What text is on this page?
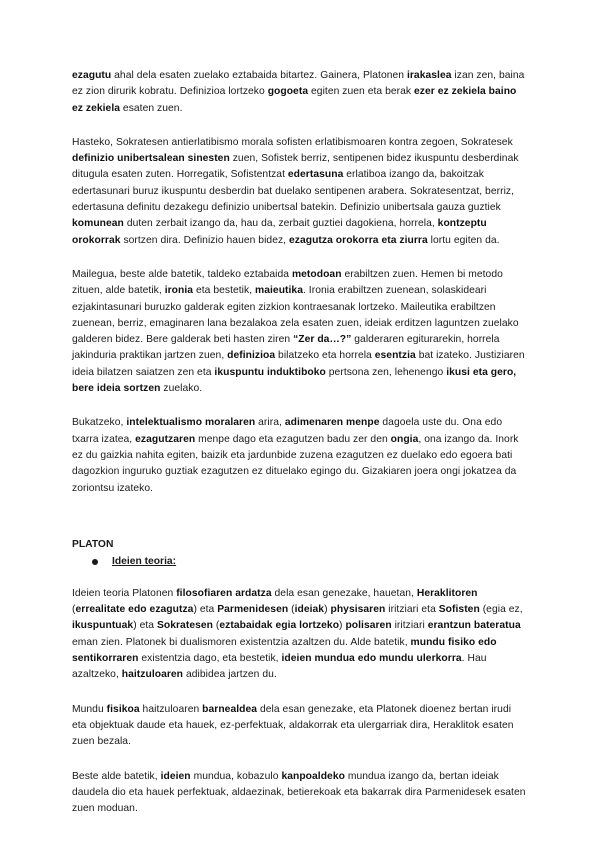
ezagutu ahal dela esaten zuelako eztabaida bitartez. Gainera, Platonen irakaslea izan zen, baina ez zion dirurik kobratu. Definizioa lortzeko gogoeta egiten zuen eta berak ezer ez zekiela baino ez zekiela esaten zuen.

Hasteko, Sokratesen antierlatibismo morala sofisten erlatibismoaren kontra zegoen, Sokratesek definizio unibertsalean sinesten zuen, Sofistek berriz, sentipenen bidez ikuspuntu desberdinak ditugula esaten zuten. Horregatik, Sofistentzat edertasuna erlatiboa izango da, bakoitzak edertasunari buruz ikuspuntu desberdin bat duelako sentipenen arabera. Sokratesentzat, berriz, edertasuna definitu dezakegu definizio unibertsal batekin. Definizio unibertsala gauza guztiek komunean duten zerbait izango da, hau da, zerbait guztiei dagokiena, horrela, kontzeptu orokorrak sortzen dira. Definizio hauen bidez, ezagutza orokorra eta ziurra lortu egiten da.

Mailegua, beste alde batetik, taldeko eztabaida metodoan erabiltzen zuen. Hemen bi metodo zituen, alde batetik, ironia eta bestetik, maieutika. Ironia erabiltzen zuenean, solaskideari ezjakintasunari buruzko galderak egiten zizkion kontraesanak lortzeko. Maileutika erabiltzen zuenean, berriz, emaginaren lana bezalakoa zela esaten zuen, ideiak erditzen laguntzen zuelako galderen bidez. Bere galderak beti hasten ziren “Zer da…?” galderaren egiturarekin, horrela jakinduria praktikan jartzen zuen, definizioa bilatzeko eta horrela esentzia bat izateko. Justiziaren ideia bilatzen saiatzen zen eta ikuspuntu induktiboko pertsona zen, lehenengo ikusi eta gero, bere ideia sortzen zuelako.

Bukatzeko, intelektualismo moralaren arira, adimenaren menpe dagoela uste du. Ona edo txarra izatea, ezagutzaren menpe dago eta ezagutzen badu zer den ongia, ona izango da. Inork ez du gaizkia nahita egiten, baizik eta jardunbide zuzena ezagutzen ez duelako edo egoera bati dagozkion inguruko guztiak ezagutzen ez dituelako egingo du. Gizakiaren joera ongi jokatzea da zoriontsu izateko.

PLATON
Ideien teoria:

Ideien teoria Platonen filosofiaren ardatza dela esan genezake, hauetan, Heraklitoren (errealitate edo ezagutza) eta Parmenidesen (ideiak) physisaren iritziari eta Sofisten (egia ez, ikuspuntuak) eta Sokratesen (eztabaidak egia lortzeko) polisaren iritziari erantzun bateratua eman zien. Platonek bi dualismoren existentzia azaltzen du. Alde batetik, mundu fisiko edo sentikorraren existentzia dago, eta bestetik, ideien mundua edo mundu ulerkorra. Hau azaltzeko, haitzuloaren adibidea jartzen du.

Mundu fisikoa haitzuloaren barnealdea dela esan genezake, eta Platonek dioenez bertan irudi eta objektuak daude eta hauek, ez-perfektuak, aldakorrak eta ulergarriak dira, Heraklitok esaten zuen bezala.

Beste alde batetik, ideien mundua, kobazulo kanpoaldeko mundua izango da, bertan ideiak daudela dio eta hauek perfektuak, aldaezinak, betierekoak eta bakarrak dira Parmenidesek esaten zuen moduan.
